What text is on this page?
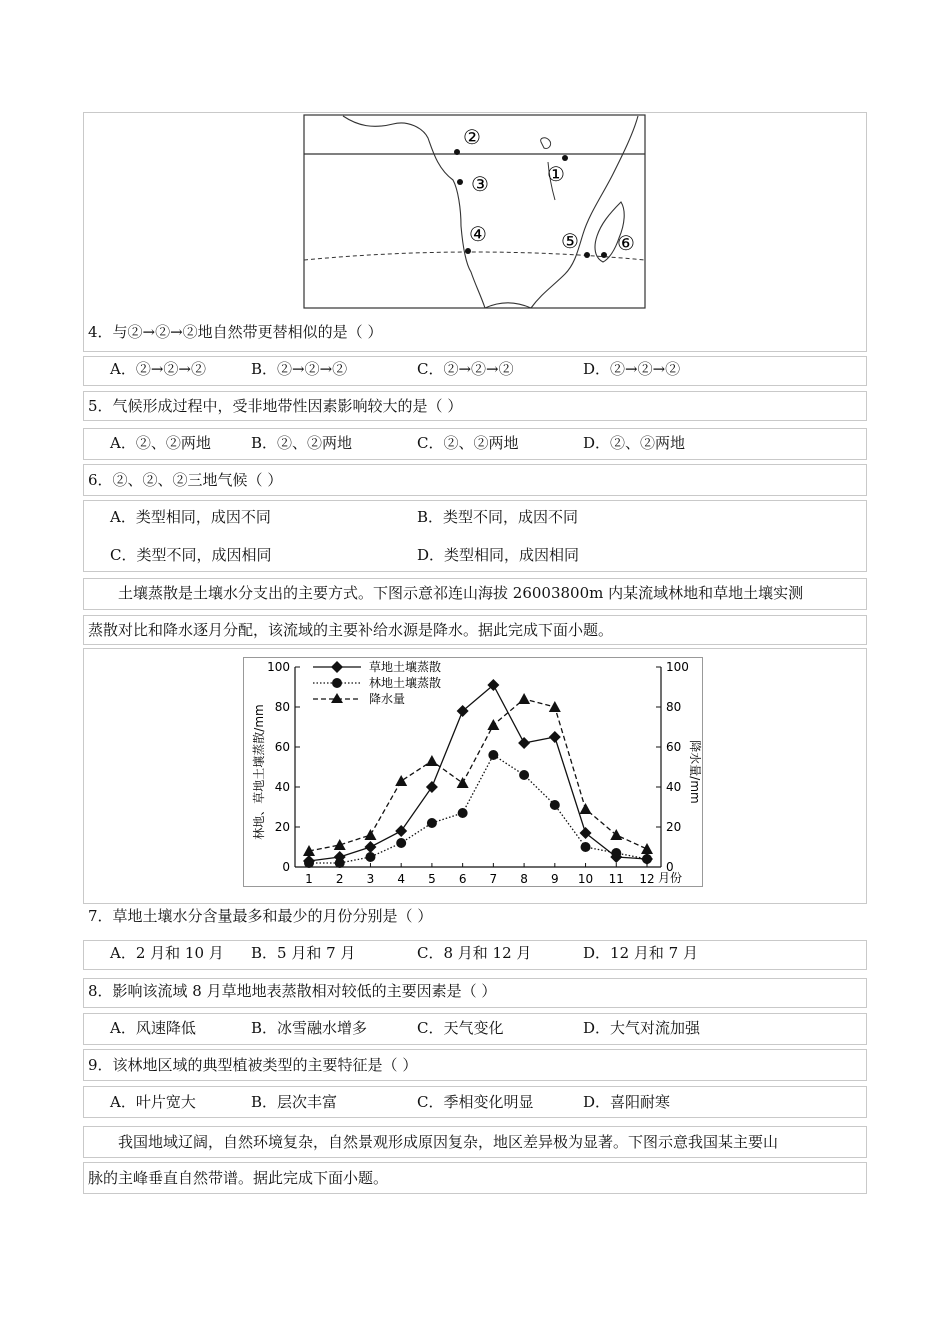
②
①
③
④	⑤ ⑥
4．与②→②→②地自然带更替相似的是（ ）
A．②→②→②	B．②→②→②	C．②→②→②	D．②→②→②
5．气候形成过程中，受非地带性因素影响较大的是（ ）
A．②、②两地	B．②、②两地	C．②、②两地	D．②、②两地
6．②、②、②三地气候（ ）
A．类型相同，成因不同	B．类型不同，成因不同
C．类型不同，成因相同	D．类型相同，成因相同
土壤蒸散是土壤水分支出的主要方式。下图示意祁连山海拔 26003800m 内某流域林地和草地土壤实测
蒸散对比和降水逐月分配，该流域的主要补给水源是降水。据此完成下面小题。
0	0
20	20
40	40
60	60
80	80
100	100
1 2 3 4 5 6 7 8 9 10 11 12
草地土壤蒸散
林地土壤蒸散
降水量
林地、草地土壤蒸散/mm	降水量/mm
月份
7．草地土壤水分含量最多和最少的月份分别是（ ）
A．2 月和 10 月 B．5 月和 7 月	C．8 月和 12 月	D．12 月和 7 月
8．影响该流域 8 月草地地表蒸散相对较低的主要因素是（ ）
A．风速降低	B．冰雪融水增多	C．天气变化	D．大气对流加强
9．该林地区域的典型植被类型的主要特征是（ ）
A．叶片宽大	B．层次丰富	C．季相变化明显	D．喜阳耐寒
我国地域辽阔，自然环境复杂，自然景观形成原因复杂，地区差异极为显著。下图示意我国某主要山
脉的主峰垂直自然带谱。据此完成下面小题。
